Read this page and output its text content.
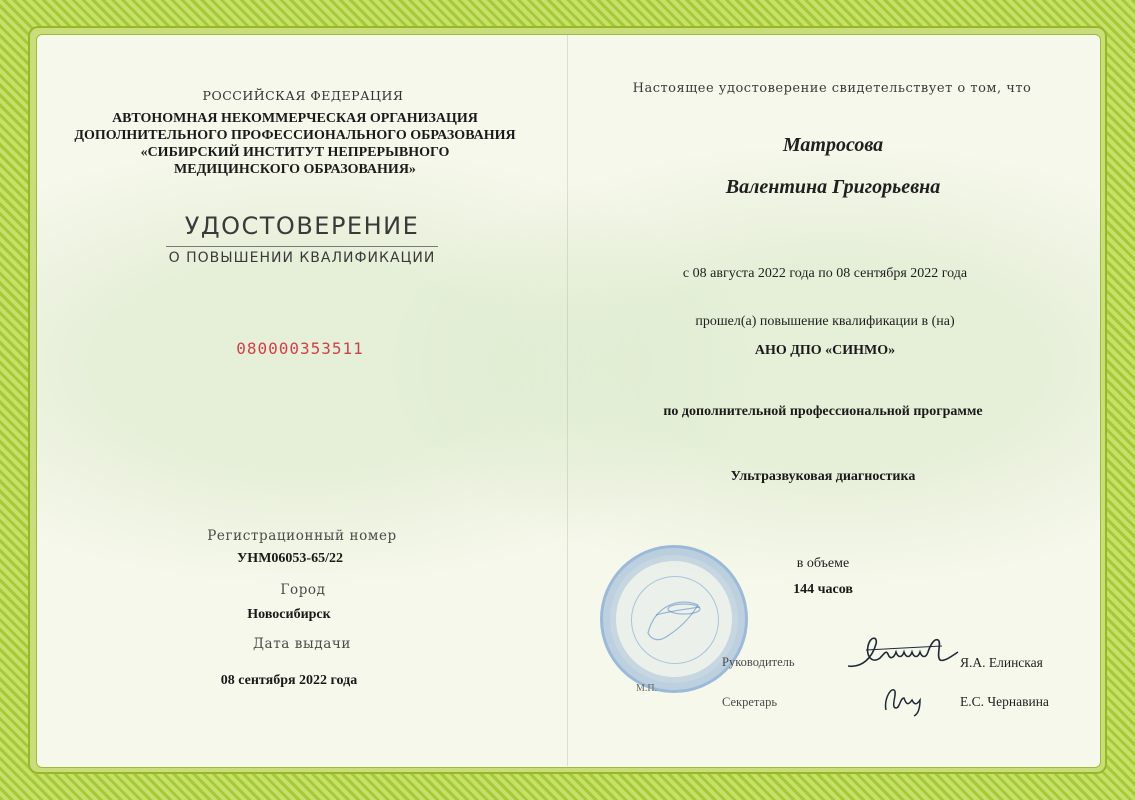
РОССИЙСКАЯ ФЕДЕРАЦИЯ
АВТОНОМНАЯ НЕКОММЕРЧЕСКАЯ ОРГАНИЗАЦИЯ
ДОПОЛНИТЕЛЬНОГО ПРОФЕССИОНАЛЬНОГО ОБРАЗОВАНИЯ
«СИБИРСКИЙ ИНСТИТУТ НЕПРЕРЫВНОГО
МЕДИЦИНСКОГО ОБРАЗОВАНИЯ»
УДОСТОВЕРЕНИЕ
О ПОВЫШЕНИИ КВАЛИФИКАЦИИ
080000353511
Регистрационный номер
УНМ06053-65/22
Город
Новосибирск
Дата выдачи
08 сентября 2022 года
Настоящее удостоверение свидетельствует о том, что
Матросова
Валентина Григорьевна
с 08 августа 2022 года по 08 сентября 2022 года
прошел(а) повышение квалификации в (на)
АНО ДПО «СИНМО»
по дополнительной профессиональной программе
Ультразвуковая диагностика
в объеме
144 часов
М.П.
Руководитель	Я.А. Елинская
Секретарь	Е.С. Чернавина
